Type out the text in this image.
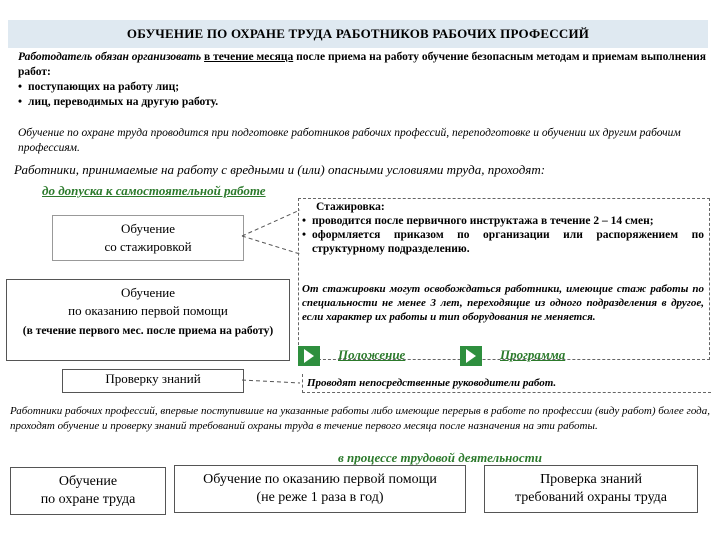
ОБУЧЕНИЕ ПО ОХРАНЕ ТРУДА РАБОТНИКОВ РАБОЧИХ ПРОФЕССИЙ
Работодатель обязан организовать в течение месяца после приема на работу обучение безопасным методам и приемам выполнения работ:
• поступающих на работу лиц;
• лиц, переводимых на другую работу.
Обучение по охране труда проводится при подготовке работников рабочих профессий, переподготовке и обучении их другим рабочим профессиям.
Работники, принимаемые на работу с вредными и (или) опасными условиями труда, проходят:
до допуска к самостоятельной работе
Обучение
со стажировкой
Обучение
по оказанию первой помощи
(в течение первого мес. после приема на работу)
Проверку знаний
Стажировка:
• проводится после первичного инструктажа в течение 2 – 14 смен;
• оформляется приказом по организации или распоряжением по структурному подразделению.
От стажировки могут освобождаться работники, имеющие стаж работы по специальности не менее 3 лет, переходящие из одного подразделения в другое, если характер их работы и тип оборудования не меняется.
Положение	Программа
Проводят непосредственные руководители работ.
Работники рабочих профессий, впервые поступившие на указанные работы либо имеющие перерыв в работе по профессии (виду работ) более года, проходят обучение и проверку знаний требований охраны труда в течение первого месяца после назначения на эти работы.
в процессе трудовой деятельности
Обучение
по охране труда
Обучение по оказанию первой помощи
(не реже 1 раза в год)
Проверка знаний
требований охраны труда
